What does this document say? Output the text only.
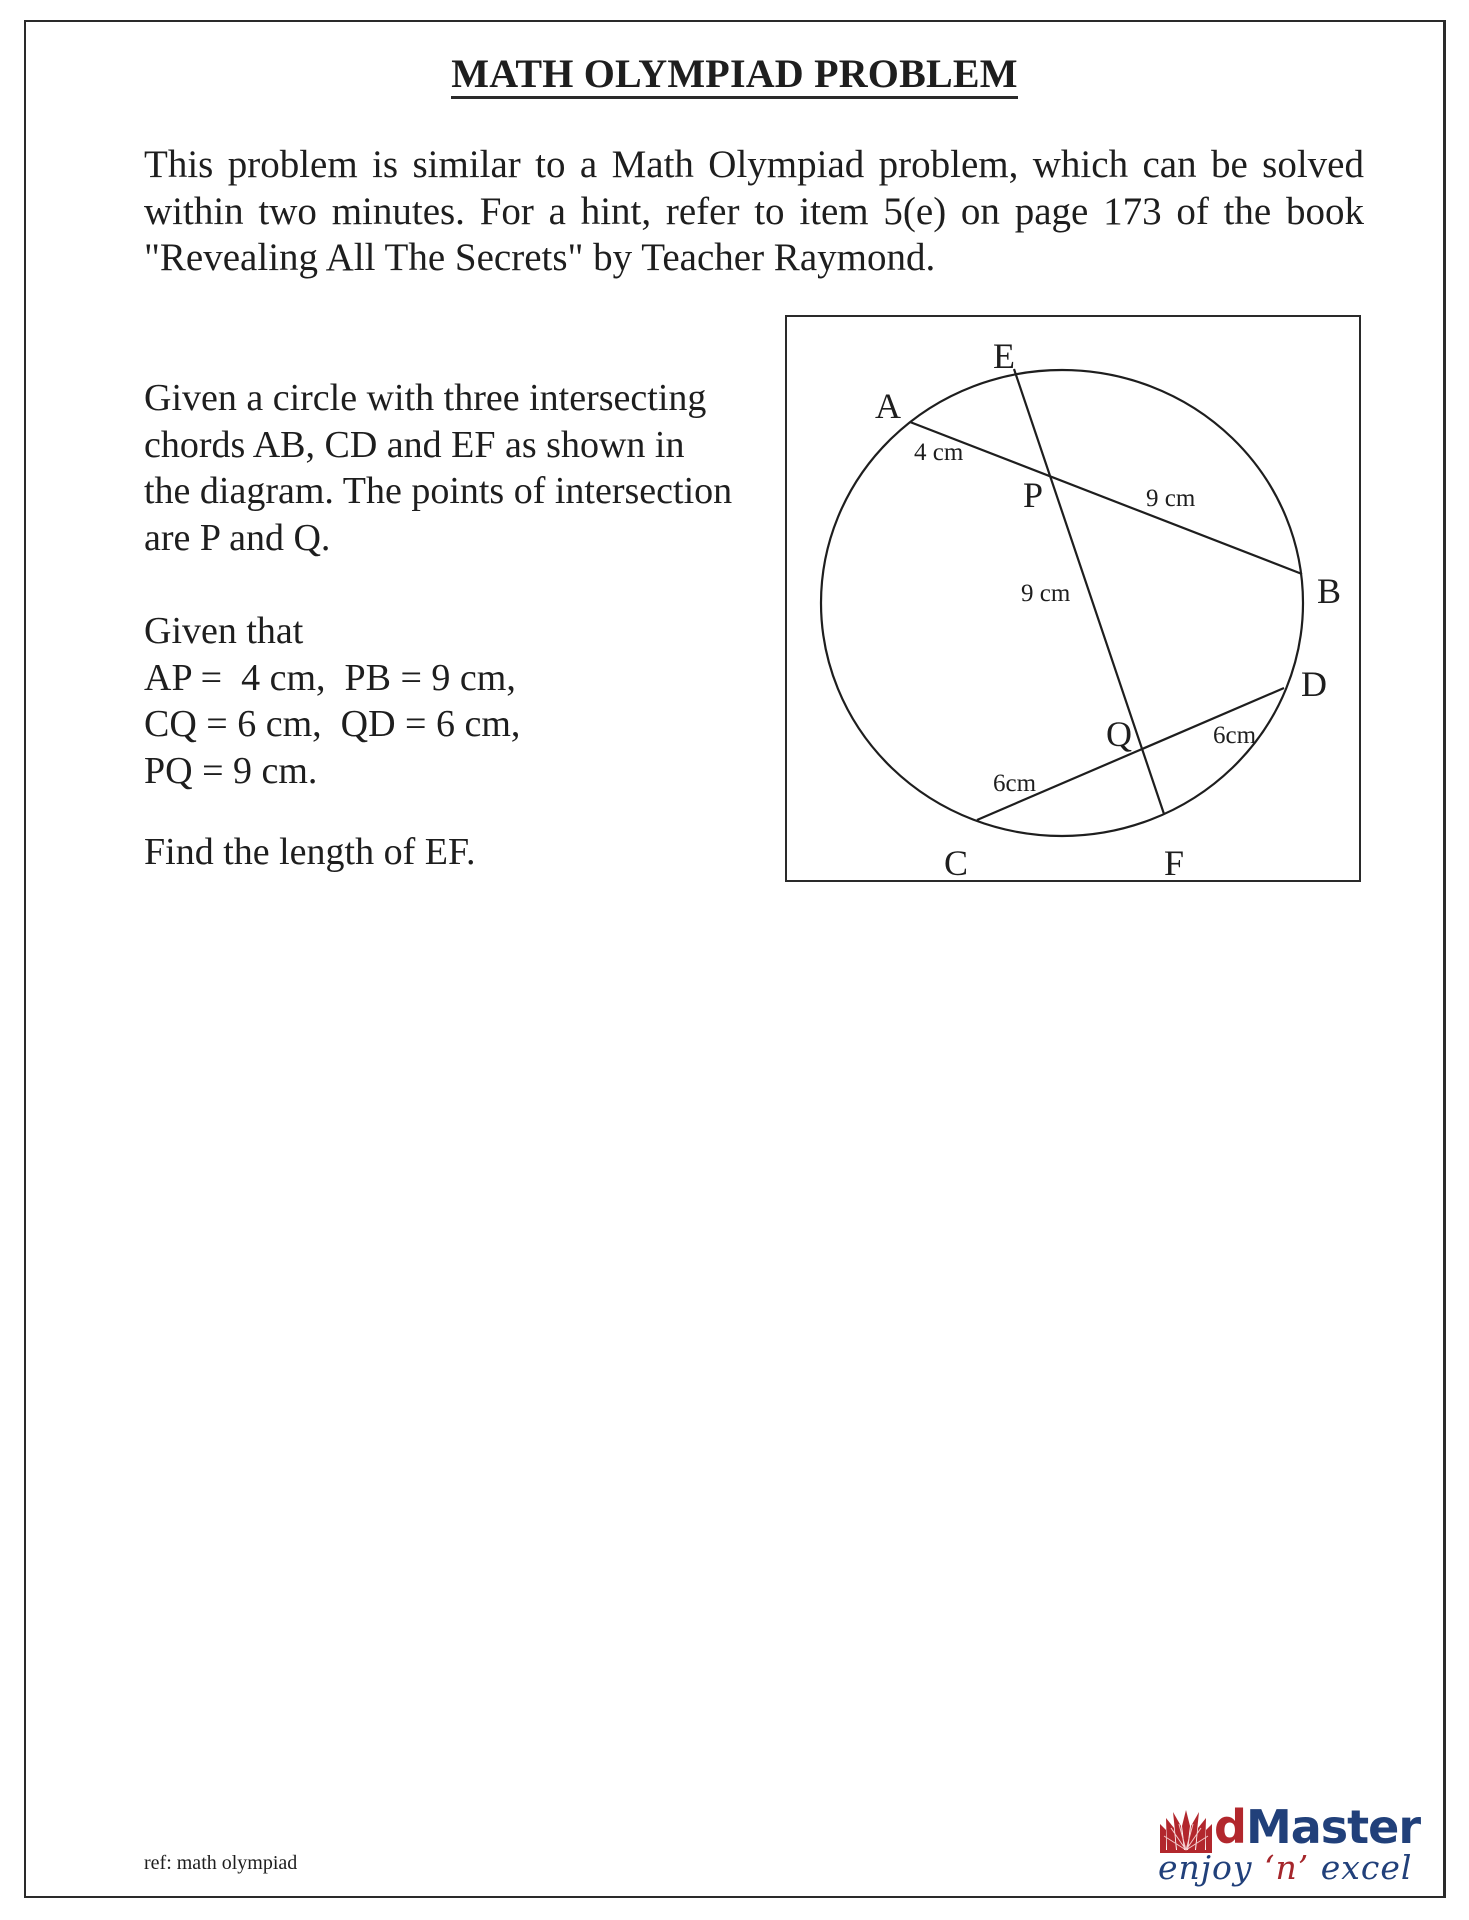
MATH OLYMPIAD PROBLEM
This problem is similar to a Math Olympiad problem, which can be solved
within two minutes. For a hint, refer to item 5(e) on page 173 of the book
"Revealing All The Secrets" by Teacher Raymond.
Given a circle with three intersecting
chords AB, CD and EF as shown in
the diagram. The points of intersection
are P and Q.
Given that
AP =  4 cm,  PB = 9 cm,
CQ = 6 cm,  QD = 6 cm,
PQ = 9 cm.
Find the length of EF.
E
A
4 cm
P	9 cm
9 cm	B
D
Q	6cm
6cm
C	F
ref: math olympiad
dMaster
enjoy ‘n’ excel
